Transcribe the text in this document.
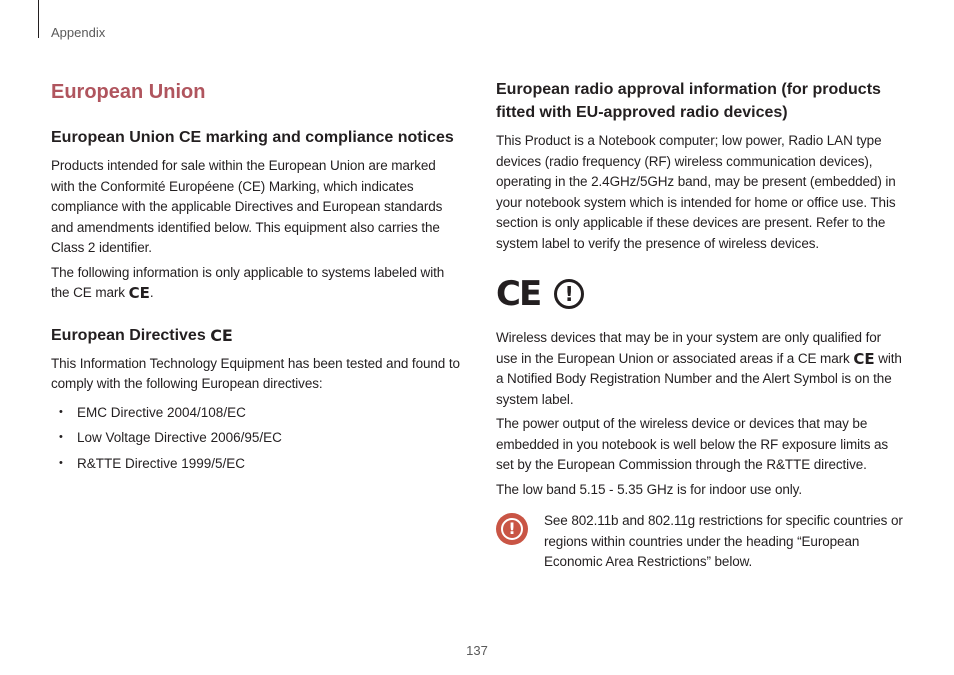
Appendix
European Union
European Union CE marking and compliance notices

Products intended for sale within the European Union are marked with the Conformité Européene (CE) Marking, which indicates compliance with the applicable Directives and European standards and amendments identified below. This equipment also carries the Class 2 identifier.

The following information is only applicable to systems labeled with the CE mark CE.

European Directives CE

This Information Technology Equipment has been tested and found to comply with the following European directives:

• EMC Directive 2004/108/EC
• Low Voltage Directive 2006/95/EC
• R&TTE Directive 1999/5/EC
European radio approval information (for products fitted with EU-approved radio devices)

This Product is a Notebook computer; low power, Radio LAN type devices (radio frequency (RF) wireless communication devices), operating in the 2.4GHz/5GHz band, may be present (embedded) in your notebook system which is intended for home or office use. This section is only applicable if these devices are present. Refer to the system label to verify the presence of wireless devices.

CE	!

Wireless devices that may be in your system are only qualified for use in the European Union or associated areas if a CE mark CE with a Notified Body Registration Number and the Alert Symbol is on the system label.

The power output of the wireless device or devices that may be embedded in you notebook is well below the RF exposure limits as set by the European Commission through the R&TTE directive.

The low band 5.15 - 5.35 GHz is for indoor use only.

!	See 802.11b and 802.11g restrictions for specific countries or regions within countries under the heading “European Economic Area Restrictions” below.

137
